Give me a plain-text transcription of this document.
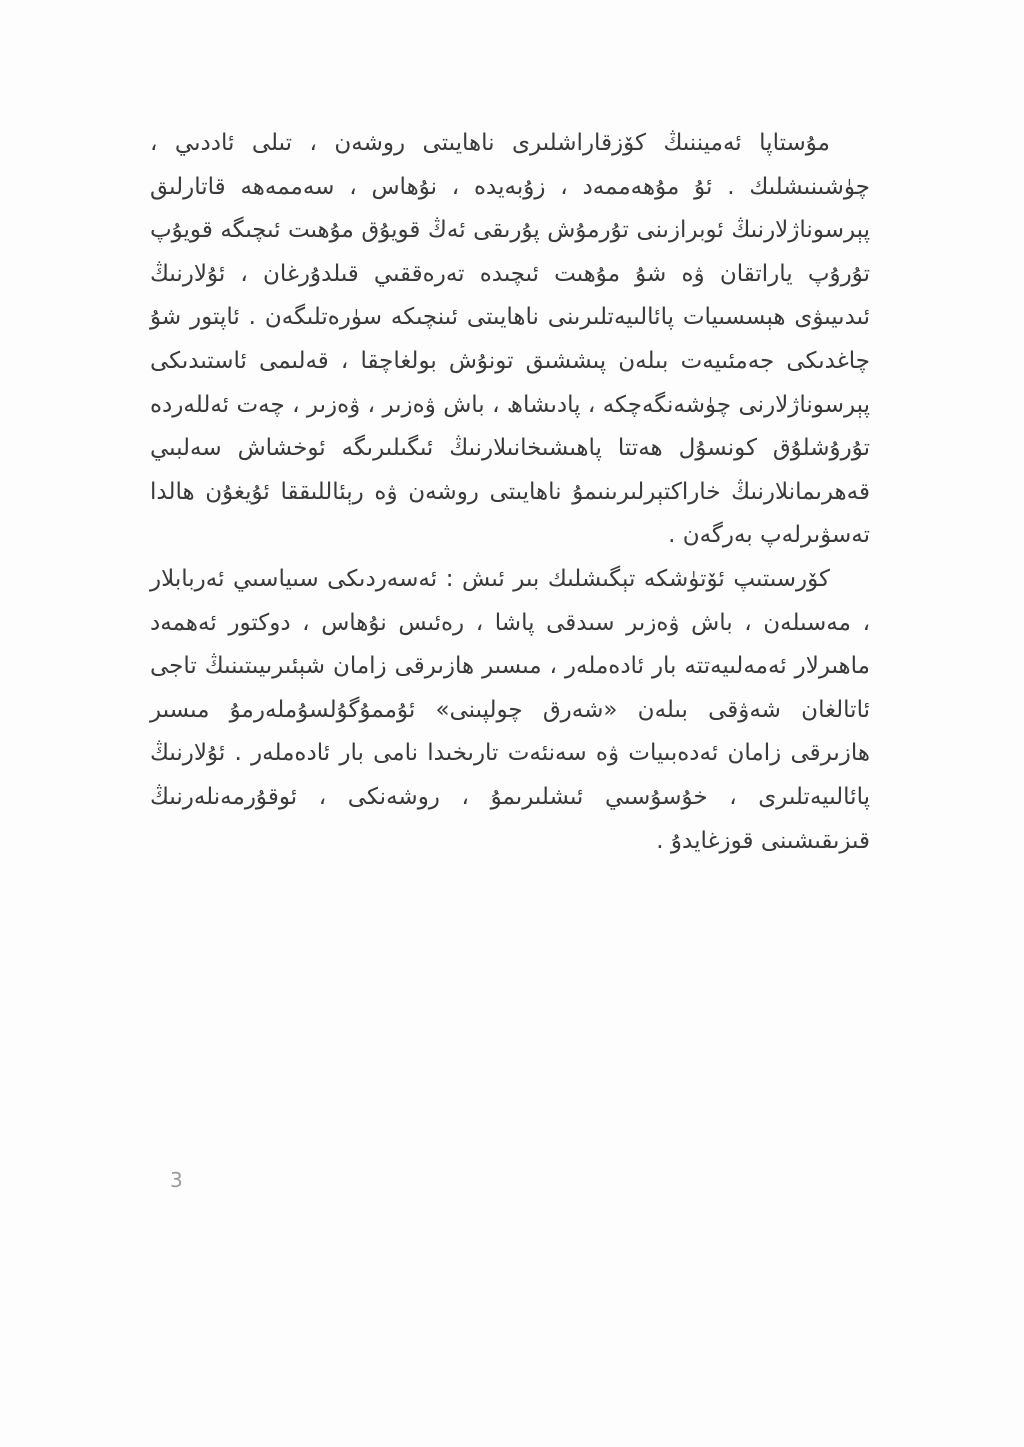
مۇستاپا ئەميننىڭ كۆزقاراشلىرى ناھايىتى روشەن ، تىلى ئاددىي ، چۈشىنىشلىك . ئۇ مۇھەممەد ، زۇبەيدە ، نۇھاس ، سەممەھە قاتارلىق پېرسوناژلارنىڭ ئوبرازىنى تۇرمۇش پۇرىقى ئەڭ قويۇق مۇھىت ئىچىگە قويۇپ تۇرۇپ ياراتقان ۋە شۇ مۇھىت ئىچىدە تەرەققىي قىلدۇرغان ، ئۇلارنىڭ ئىدىيىۋى ھېسسىيات پائالىيەتلىرىنى ناھايىتى ئىنچىكە سۈرەتلىگەن . ئاپتور شۇ چاغدىكى جەمئىيەت بىلەن پىششىق تونۇش بولغاچقا ، قەلىمى ئاستىدىكى پېرسوناژلارنى چۈشەنگەچكە ، پادىشاھ ، باش ۋەزىر ، ۋەزىر ، چەت ئەللەردە تۇرۇشلۇق كونسۇل ھەتتا پاھىشىخانىلارنىڭ ئىگىلىرىگە ئوخشاش سەلبىي قەھرىمانلارنىڭ خاراكتېرلىرىنىمۇ ناھايىتى روشەن ۋە رېئاللىققا ئۇيغۇن ھالدا تەسۋىرلەپ بەرگەن .

كۆرسىتىپ ئۆتۈشكە تېگىشلىك بىر ئىش : ئەسەردىكى سىياسىي ئەربابلار ، مەسىلەن ، باش ۋەزىر سىدقى پاشا ، رەئىس نۇھاس ، دوكتور ئەھمەد ماھىرلار ئەمەلىيەتتە بار ئادەملەر ، مىسىر ھازىرقى زامان شېئىرىيىتىنىڭ تاجى ئاتالغان شەۋقى بىلەن «شەرق چولپىنى» ئۇممۇگۇلسۇملەرمۇ مىسىر ھازىرقى زامان ئەدەبىيات ۋە سەنئەت تارىخىدا نامى بار ئادەملەر . ئۇلارنىڭ پائالىيەتلىرى ، خۇسۇسىي ئىشلىرىمۇ ، روشەنكى ، ئوقۇرمەنلەرنىڭ قىزىقىشىنى قوزغايدۇ .

3
